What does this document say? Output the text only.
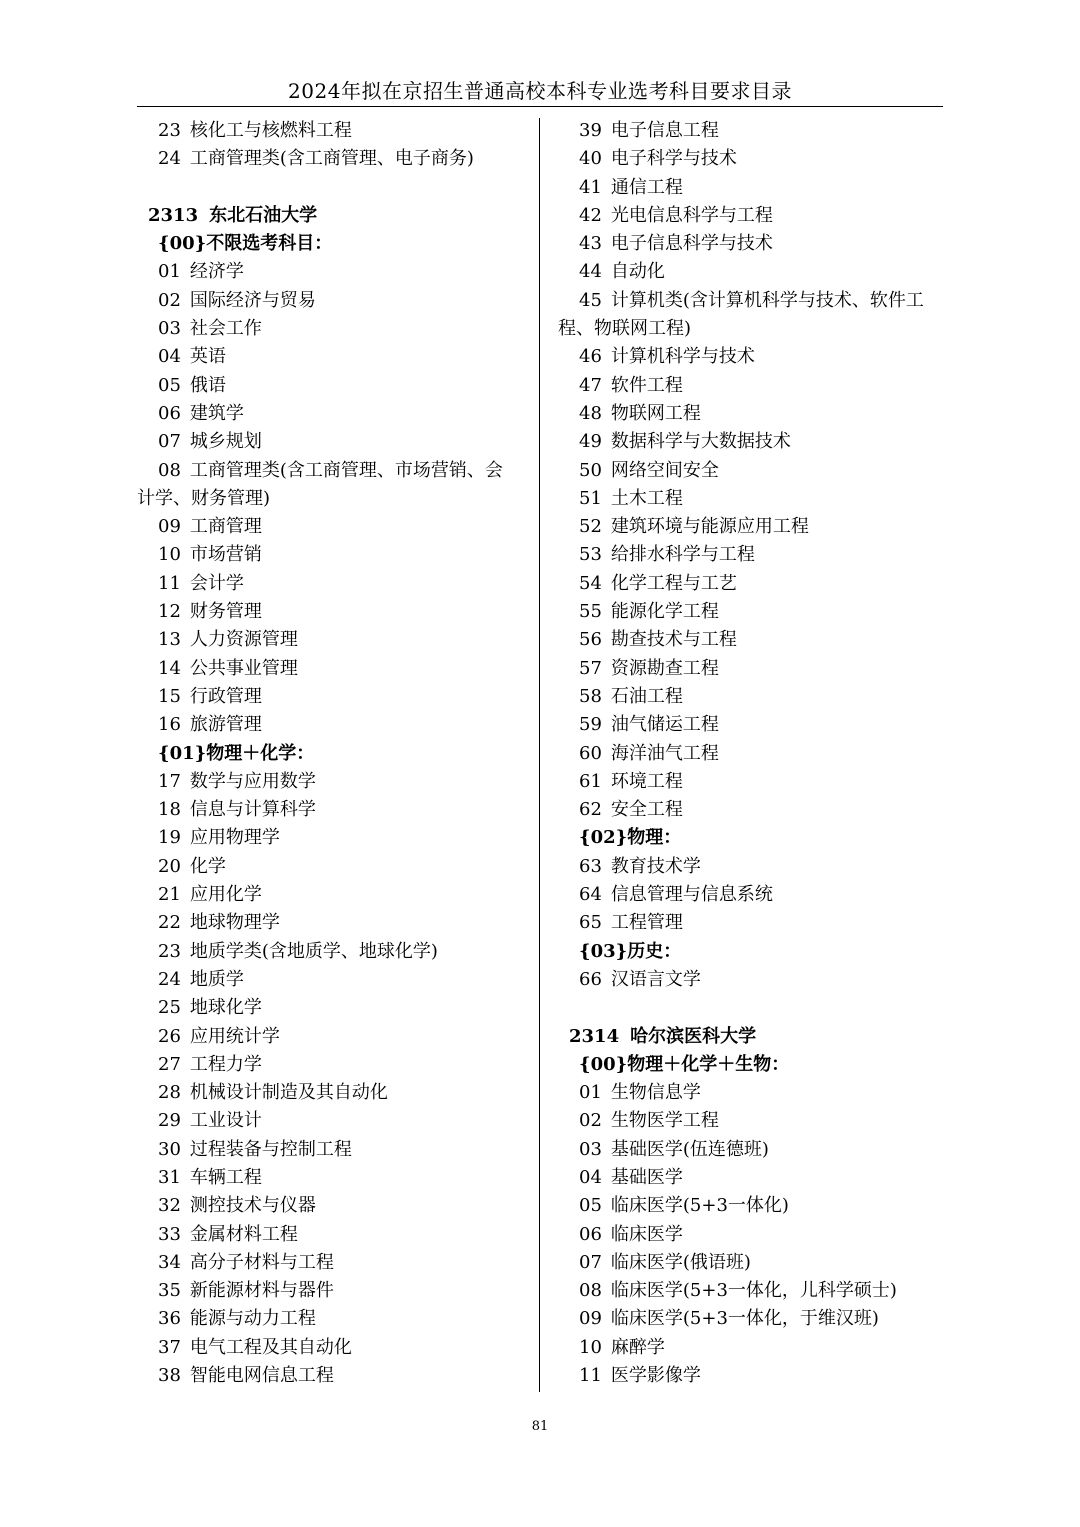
2024年拟在京招生普通高校本科专业选考科目要求目录
23 核化工与核燃料工程
24 工商管理类(含工商管理、电子商务)
2313 东北石油大学
{00}不限选考科目：
01 经济学
02 国际经济与贸易
03 社会工作
04 英语
05 俄语
06 建筑学
07 城乡规划
08 工商管理类(含工商管理、市场营销、会
计学、财务管理)
09 工商管理
10 市场营销
11 会计学
12 财务管理
13 人力资源管理
14 公共事业管理
15 行政管理
16 旅游管理
{01}物理＋化学：
17 数学与应用数学
18 信息与计算科学
19 应用物理学
20 化学
21 应用化学
22 地球物理学
23 地质学类(含地质学、地球化学)
24 地质学
25 地球化学
26 应用统计学
27 工程力学
28 机械设计制造及其自动化
29 工业设计
30 过程装备与控制工程
31 车辆工程
32 测控技术与仪器
33 金属材料工程
34 高分子材料与工程
35 新能源材料与器件
36 能源与动力工程
37 电气工程及其自动化
38 智能电网信息工程
39 电子信息工程
40 电子科学与技术
41 通信工程
42 光电信息科学与工程
43 电子信息科学与技术
44 自动化
45 计算机类(含计算机科学与技术、软件工
程、物联网工程)
46 计算机科学与技术
47 软件工程
48 物联网工程
49 数据科学与大数据技术
50 网络空间安全
51 土木工程
52 建筑环境与能源应用工程
53 给排水科学与工程
54 化学工程与工艺
55 能源化学工程
56 勘查技术与工程
57 资源勘查工程
58 石油工程
59 油气储运工程
60 海洋油气工程
61 环境工程
62 安全工程
{02}物理：
63 教育技术学
64 信息管理与信息系统
65 工程管理
{03}历史：
66 汉语言文学
2314 哈尔滨医科大学
{00}物理＋化学＋生物：
01 生物信息学
02 生物医学工程
03 基础医学(伍连德班)
04 基础医学
05 临床医学(5+3一体化)
06 临床医学
07 临床医学(俄语班)
08 临床医学(5+3一体化，儿科学硕士)
09 临床医学(5+3一体化，于维汉班)
10 麻醉学
11 医学影像学
81
